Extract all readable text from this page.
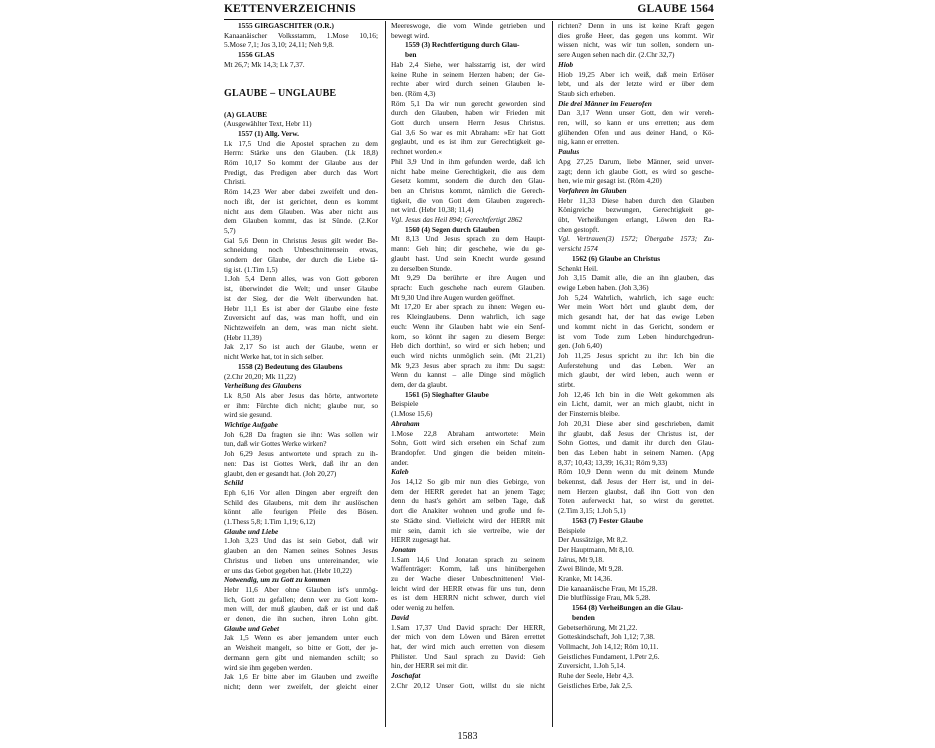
KETTENVERZEICHNIS	GLAUBE 1564
1555 GIRGASCHITER (O.R.)
Kanaanäischer Volksstamm, 1.Mose 10,16;
5.Mose 7,1; Jos 3,10; 24,11; Neh 9,8.
1556 GLAS
Mt 26,7; Mk 14,3; Lk 7,37.
GLAUBE – UNGLAUBE
(A) GLAUBE
(Ausgewählter Text, Hebr 11)
1557 (1) Allg. Verw.
Lk 17,5 Und die Apostel sprachen zu dem
Herrn: Stärke uns den Glauben. (Lk 18,8)
Röm 10,17 So kommt der Glaube aus der
Predigt, das Predigen aber durch das Wort
Christi.
Röm 14,23 Wer aber dabei zweifelt und den-
noch ißt, der ist gerichtet, denn es kommt
nicht aus dem Glauben. Was aber nicht aus
dem Glauben kommt, das ist Sünde. (2.Kor
5,7)
Gal 5,6 Denn in Christus Jesus gilt weder Be-
schneidung noch Unbeschnittensein etwas,
sondern der Glaube, der durch die Liebe tä-
tig ist. (1.Tim 1,5)
1.Joh 5,4 Denn alles, was von Gott geboren
ist, überwindet die Welt; und unser Glaube
ist der Sieg, der die Welt überwunden hat.
Hebr 11,1 Es ist aber der Glaube eine feste
Zuversicht auf das, was man hofft, und ein
Nichtzweifeln an dem, was man nicht sieht.
(Hebr 11,39)
Jak 2,17 So ist auch der Glaube, wenn er
nicht Werke hat, tot in sich selber.
1558 (2) Bedeutung des Glaubens
(2.Chr 20,20; Mk 11,22)
Verheißung des Glaubens
Lk 8,50 Als aber Jesus das hörte, antwortete
er ihm: Fürchte dich nicht; glaube nur, so
wird sie gesund.
Wichtige Aufgabe
Joh 6,28 Da fragten sie ihn: Was sollen wir
tun, daß wir Gottes Werke wirken?
Joh 6,29 Jesus antwortete und sprach zu ih-
nen: Das ist Gottes Werk, daß ihr an den
glaubt, den er gesandt hat. (Joh 20,27)
Schild
Eph 6,16 Vor allen Dingen aber ergreift den
Schild des Glaubens, mit dem ihr auslöschen
könnt alle feurigen Pfeile des Bösen.
(1.Thess 5,8; 1.Tim 1,19; 6,12)
Glaube und Liebe
1.Joh 3,23 Und das ist sein Gebot, daß wir
glauben an den Namen seines Sohnes Jesus
Christus und lieben uns untereinander, wie
er uns das Gebot gegeben hat. (Hebr 10,22)
Notwendig, um zu Gott zu kommen
Hebr 11,6 Aber ohne Glauben ist's unmög-
lich, Gott zu gefallen; denn wer zu Gott kom-
men will, der muß glauben, daß er ist und daß
er denen, die ihn suchen, ihren Lohn gibt.
Glaube und Gebet
Jak 1,5 Wenn es aber jemandem unter euch
an Weisheit mangelt, so bitte er Gott, der je-
dermann gern gibt und niemanden schilt; so
wird sie ihm gegeben werden.
Jak 1,6 Er bitte aber im Glauben und zweifle
nicht; denn wer zweifelt, der gleicht einer
Meereswoge, die vom Winde getrieben und
bewegt wird.
1559 (3) Rechtfertigung durch Glau-
ben
Hab 2,4 Siehe, wer halsstarrig ist, der wird
keine Ruhe in seinem Herzen haben; der Ge-
rechte aber wird durch seinen Glauben le-
ben. (Röm 4,3)
Röm 5,1 Da wir nun gerecht geworden sind
durch den Glauben, haben wir Frieden mit
Gott durch unsern Herrn Jesus Christus.
Gal 3,6 So war es mit Abraham: »Er hat Gott
geglaubt, und es ist ihm zur Gerechtigkeit ge-
rechnet worden.«
Phil 3,9 Und in ihm gefunden werde, daß ich
nicht habe meine Gerechtigkeit, die aus dem
Gesetz kommt, sondern die durch den Glau-
ben an Christus kommt, nämlich die Gerech-
tigkeit, die von Gott dem Glauben zugerech-
net wird. (Hebr 10,38; 11,4)
Vgl. Jesus das Heil 894; Gerechtfertigt 2862
1560 (4) Segen durch Glauben
Mt 8,13 Und Jesus sprach zu dem Haupt-
mann: Geh hin; dir geschehe, wie du ge-
glaubt hast. Und sein Knecht wurde gesund
zu derselben Stunde.
Mt 9,29 Da berührte er ihre Augen und
sprach: Euch geschehe nach eurem Glauben.
Mt 9,30 Und ihre Augen wurden geöffnet.
Mt 17,20 Er aber sprach zu ihnen: Wegen eu-
res Kleinglaubens. Denn wahrlich, ich sage
euch: Wenn ihr Glauben habt wie ein Senf-
korn, so könnt ihr sagen zu diesem Berge:
Heb dich dorthin!, so wird er sich heben; und
euch wird nichts unmöglich sein. (Mt 21,21)
Mk 9,23 Jesus aber sprach zu ihm: Du sagst:
Wenn du kannst – alle Dinge sind möglich
dem, der da glaubt.
1561 (5) Sieghafter Glaube
Beispiele
(1.Mose 15,6)
Abraham
1.Mose 22,8 Abraham antwortete: Mein
Sohn, Gott wird sich ersehen ein Schaf zum
Brandopfer. Und gingen die beiden mitein-
ander.
Kaleb
Jos 14,12 So gib mir nun dies Gebirge, von
dem der HERR geredet hat an jenem Tage;
denn du hast's gehört am selben Tage, daß
dort die Anakiter wohnen und große und fe-
ste Städte sind. Vielleicht wird der HERR mit
mir sein, damit ich sie vertreibe, wie der
HERR zugesagt hat.
Jonatan
1.Sam 14,6 Und Jonatan sprach zu seinem
Waffenträger: Komm, laß uns hinübergehen
zu der Wache dieser Unbeschnittenen! Viel-
leicht wird der HERR etwas für uns tun, denn
es ist dem HERRN nicht schwer, durch viel
oder wenig zu helfen.
David
1.Sam 17,37 Und David sprach: Der HERR,
der mich von dem Löwen und Bären errettet
hat, der wird mich auch erretten von diesem
Philister. Und Saul sprach zu David: Geh
hin, der HERR sei mit dir.
Joschafat
2.Chr 20,12 Unser Gott, willst du sie nicht
richten? Denn in uns ist keine Kraft gegen
dies große Heer, das gegen uns kommt. Wir
wissen nicht, was wir tun sollen, sondern un-
sere Augen sehen nach dir. (2.Chr 32,7)
Hiob
Hiob 19,25 Aber ich weiß, daß mein Erlöser
lebt, und als der letzte wird er über dem
Staub sich erheben.
Die drei Männer im Feuerofen
Dan 3,17 Wenn unser Gott, den wir vereh-
ren, will, so kann er uns erretten; aus dem
glühenden Ofen und aus deiner Hand, o Kö-
nig, kann er erretten.
Paulus
Apg 27,25 Darum, liebe Männer, seid unver-
zagt; denn ich glaube Gott, es wird so gesche-
hen, wie mir gesagt ist. (Röm 4,20)
Vorfahren im Glauben
Hebr 11,33 Diese haben durch den Glauben
Königreiche bezwungen, Gerechtigkeit ge-
übt, Verheißungen erlangt, Löwen den Ra-
chen gestopft.
Vgl. Vertrauen(3) 1572; Übergabe 1573; Zu-
versicht 1574
1562 (6) Glaube an Christus
Schenkt Heil.
Joh 3,15 Damit alle, die an ihn glauben, das
ewige Leben haben. (Joh 3,36)
Joh 5,24 Wahrlich, wahrlich, ich sage euch:
Wer mein Wort hört und glaubt dem, der
mich gesandt hat, der hat das ewige Leben
und kommt nicht in das Gericht, sondern er
ist vom Tode zum Leben hindurchgedrun-
gen. (Joh 6,40)
Joh 11,25 Jesus spricht zu ihr: Ich bin die
Auferstehung und das Leben. Wer an
mich glaubt, der wird leben, auch wenn er
stirbt.
Joh 12,46 Ich bin in die Welt gekommen als
ein Licht, damit, wer an mich glaubt, nicht in
der Finsternis bleibe.
Joh 20,31 Diese aber sind geschrieben, damit
ihr glaubt, daß Jesus der Christus ist, der
Sohn Gottes, und damit ihr durch den Glau-
ben das Leben habt in seinem Namen. (Apg
8,37; 10,43; 13,39; 16,31; Röm 9,33)
Röm 10,9 Denn wenn du mit deinem Munde
bekennst, daß Jesus der Herr ist, und in dei-
nem Herzen glaubst, daß ihn Gott von den
Toten auferweckt hat, so wirst du gerettet.
(2.Tim 3,15; 1.Joh 5,1)
1563 (7) Fester Glaube
Beispiele
Der Aussätzige, Mt 8,2.
Der Hauptmann, Mt 8,10.
Jaïrus, Mt 9,18.
Zwei Blinde, Mt 9,28.
Kranke, Mt 14,36.
Die kanaanäische Frau, Mt 15,28.
Die blutflüssige Frau, Mk 5,28.
1564 (8) Verheißungen an die Glau-
benden
Gebetserhörung, Mt 21,22.
Gotteskindschaft, Joh 1,12; 7,38.
Vollmacht, Joh 14,12; Röm 10,11.
Geistliches Fundament, 1.Petr 2,6.
Zuversicht, 1.Joh 5,14.
Ruhe der Seele, Hebr 4,3.
Geistliches Erbe, Jak 2,5.
1583
